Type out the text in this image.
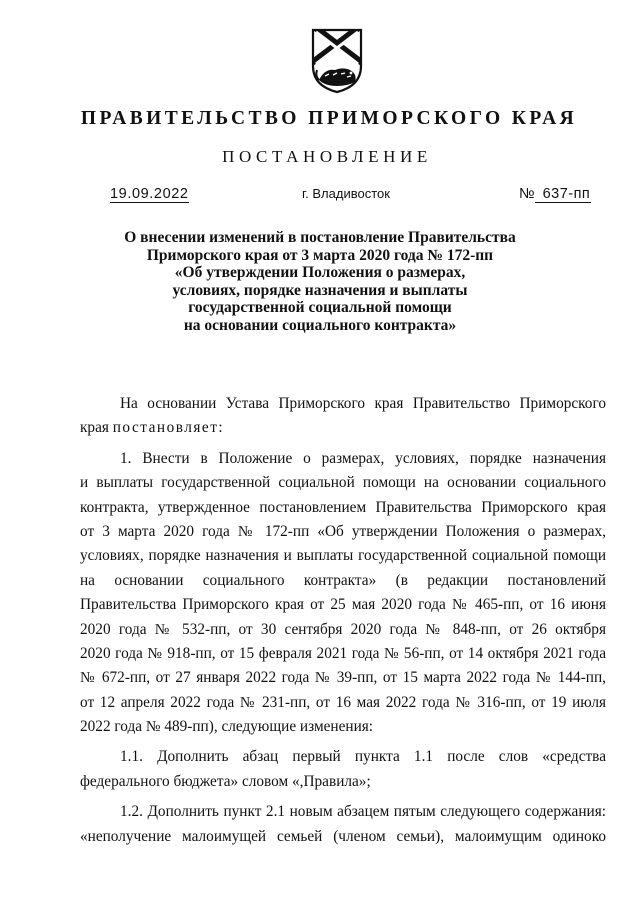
ПРАВИТЕЛЬСТВО ПРИМОРСКОГО КРАЯ
ПОСТАНОВЛЕНИЕ
19.09.2022	г. Владивосток	№ 637-пп
О внесении изменений в постановление Правительства
Приморского края от 3 марта 2020 года № 172-пп
«Об утверждении Положения о размерах,
условиях, порядке назначения и выплаты
государственной социальной помощи
на основании социального контракта»
На основании Устава Приморского края Правительство Приморского
края постановляет:
1. Внести в Положение о размерах, условиях, порядке назначения
и выплаты государственной социальной помощи на основании социального
контракта, утвержденное постановлением Правительства Приморского края
от 3 марта 2020 года № 172-пп «Об утверждении Положения о размерах,
условиях, порядке назначения и выплаты государственной социальной помощи
на основании социального контракта» (в редакции постановлений
Правительства Приморского края от 25 мая 2020 года № 465-пп, от 16 июня
2020 года № 532-пп, от 30 сентября 2020 года № 848-пп, от 26 октября
2020 года № 918-пп, от 15 февраля 2021 года № 56-пп, от 14 октября 2021 года
№ 672-пп, от 27 января 2022 года № 39-пп, от 15 марта 2022 года № 144-пп,
от 12 апреля 2022 года № 231-пп, от 16 мая 2022 года № 316-пп, от 19 июля
2022 года № 489-пп), следующие изменения:
1.1. Дополнить абзац первый пункта 1.1 после слов «средства
федерального бюджета» словом «,Правила»;
1.2. Дополнить пункт 2.1 новым абзацем пятым следующего содержания:
«неполучение малоимущей семьей (членом семьи), малоимущим одиноко
